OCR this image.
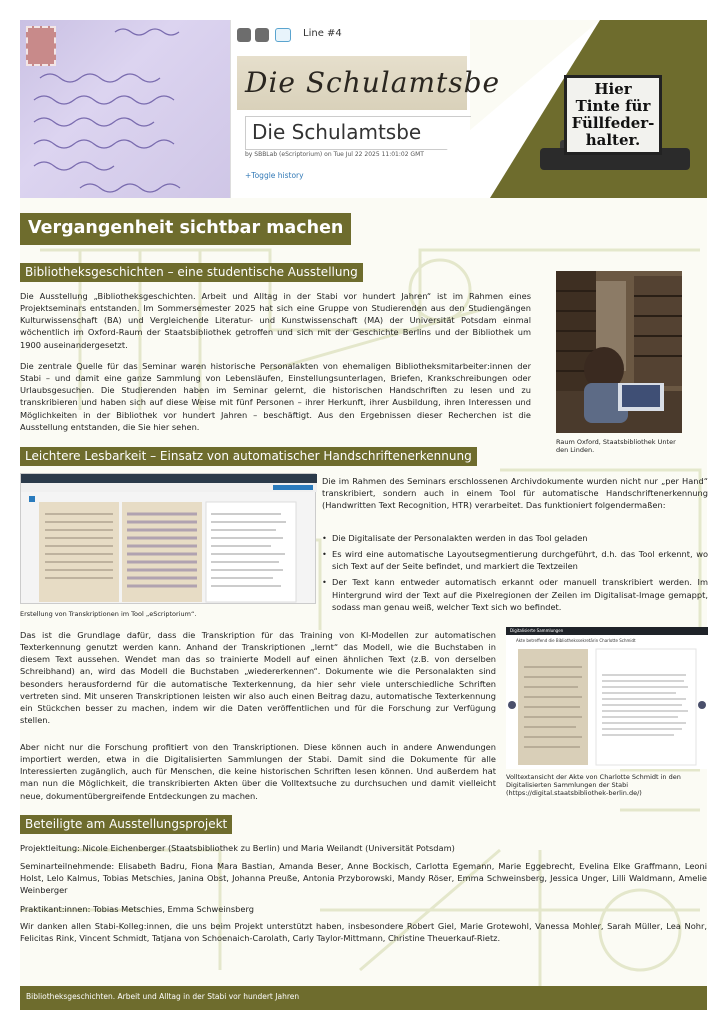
Line #4
Die Schulamtsbe
Die Schulamtsbe
by SBBLab (eScriptorium) on Tue Jul 22 2025 11:01:02 GMT
+Toggle history
Hier
Tinte für
Füllfeder-
halter.
Vergangenheit sichtbar machen
Bibliotheksgeschichten – eine studentische Ausstellung

Die Ausstellung „Bibliotheksgeschichten. Arbeit und Alltag in der Stabi vor hundert Jahren“ ist im Rahmen eines Projektseminars entstanden. Im Sommersemester 2025 hat sich eine Gruppe von Studierenden aus den Studiengängen Kulturwissenschaft (BA) und Vergleichende Literatur- und Kunstwissenschaft (MA) der Universität Potsdam einmal wöchentlich im Oxford-Raum der Staatsbibliothek getroffen und sich mit der Geschichte Berlins und der Bibliothek um 1900 auseinandergesetzt.

Die zentrale Quelle für das Seminar waren historische Personalakten von ehemaligen Bibliotheksmitarbeiter:innen der Stabi – und damit eine ganze Sammlung von Lebensläufen, Einstellungsunterlagen, Briefen, Krankschreibungen oder Urlaubsgesuchen. Die Studierenden haben im Seminar gelernt, die historischen Handschriften zu lesen und zu transkribieren und haben sich auf diese Weise mit fünf Personen – ihrer Herkunft, ihrer Ausbildung, ihren Interessen und Möglichkeiten in der Bibliothek vor hundert Jahren – beschäftigt. Aus den Ergebnissen dieser Recherchen ist die Ausstellung entstanden, die Sie hier sehen.

Raum Oxford, Staatsbibliothek Unter den Linden.

Leichtere Lesbarkeit – Einsatz von automatischer Handschriftenerkennung

Erstellung von Transkriptionen im Tool „eScriptorium“.

Die im Rahmen des Seminars erschlossenen Archivdokumente wurden nicht nur „per Hand“ transkribiert, sondern auch in einem Tool für automatische Handschriftenerkennung (Handwritten Text Recognition, HTR) verarbeitet. Das funktioniert folgendermaßen:

• Die Digitalisate der Personalakten werden in das Tool geladen
• Es wird eine automatische Layoutsegmentierung durchgeführt, d.h. das Tool erkennt, wo sich Text auf der Seite befindet, und markiert die Textzeilen
• Der Text kann entweder automatisch erkannt oder manuell transkribiert werden. Im Hintergrund wird der Text auf die Pixelregionen der Zeilen im Digitalisat-Image gemappt, sodass man genau weiß, welcher Text sich wo befindet.

Das ist die Grundlage dafür, dass die Transkription für das Training von KI-Modellen zur automatischen Texterkennung genutzt werden kann. Anhand der Transkriptionen „lernt“ das Modell, wie die Buchstaben in diesem Text aussehen. Wendet man das so trainierte Modell auf einen ähnlichen Text (z.B. von derselben Schreibhand) an, wird das Modell die Buchstaben „wiedererkennen“. Dokumente wie die Personalakten sind besonders herausfordernd für die automatische Texterkennung, da hier sehr viele unterschiedliche Schriften vertreten sind. Mit unseren Transkriptionen leisten wir also auch einen Beitrag dazu, automatische Texterkennung ein Stückchen besser zu machen, indem wir die Daten veröffentlichen und für die Forschung zur Verfügung stellen.

Aber nicht nur die Forschung profitiert von den Transkriptionen. Diese können auch in andere Anwendungen importiert werden, etwa in die Digitalisierten Sammlungen der Stabi. Damit sind die Dokumente für alle Interessierten zugänglich, auch für Menschen, die keine historischen Schriften lesen können. Und außerdem hat man nun die Möglichkeit, die transkribierten Akten über die Volltextsuche zu durchsuchen und damit vielleicht neue, dokumentübergreifende Entdeckungen zu machen.

Digitalisierte Sammlungen
Akte betreffend die Bibliothekssekretärin Charlotte Schmidt

Volltextansicht der Akte von Charlotte Schmidt in den Digitalisierten Sammlungen der Stabi (https://digital.staatsbibliothek-berlin.de/)

Beteiligte am Ausstellungsprojekt

Projektleitung: Nicole Eichenberger (Staatsbibliothek zu Berlin) und Maria Weilandt (Universität Potsdam)

Seminarteilnehmende: Elisabeth Badru, Fiona Mara Bastian, Amanda Beser, Anne Bockisch, Carlotta Egemann, Marie Eggebrecht, Evelina Elke Graffmann, Leoni Holst, Lelo Kalmus, Tobias Metschies, Janina Obst, Johanna Preuße, Antonia Przyborowski, Mandy Röser, Emma Schweinsberg, Jessica Unger, Lilli Waldmann, Amelie Weinberger

Praktikant:innen: Tobias Metschies, Emma Schweinsberg

Wir danken allen Stabi-Kolleg:innen, die uns beim Projekt unterstützt haben, insbesondere Robert Giel, Marie Grotewohl, Vanessa Mohler, Sarah Müller, Lea Nohr, Felicitas Rink, Vincent Schmidt, Tatjana von Schoenaich-Carolath, Carly Taylor-Mittmann, Christine Theuerkauf-Rietz.

Bibliotheksgeschichten. Arbeit und Alltag in der Stabi vor hundert Jahren
